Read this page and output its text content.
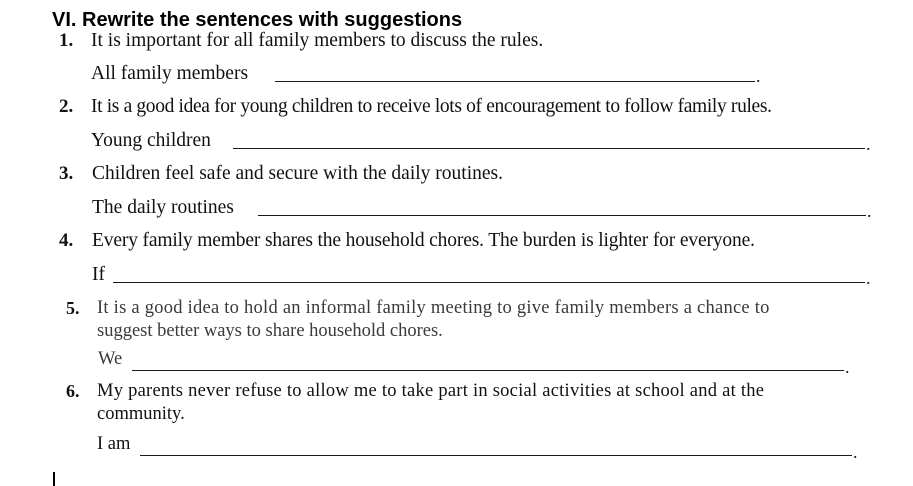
VI. Rewrite the sentences with suggestions
1. It is important for all family members to discuss the rules.
All family members	.
2. It is a good idea for young children to receive lots of encouragement to follow family rules.
Young children	.
3. Children feel safe and secure with the daily routines.
The daily routines	.
4. Every family member shares the household chores. The burden is lighter for everyone.
If	.
5. It is a good idea to hold an informal family meeting to give family members a chance to
suggest better ways to share household chores.
We	.
6. My parents never refuse to allow me to take part in social activities at school and at the
community.
I am	.
